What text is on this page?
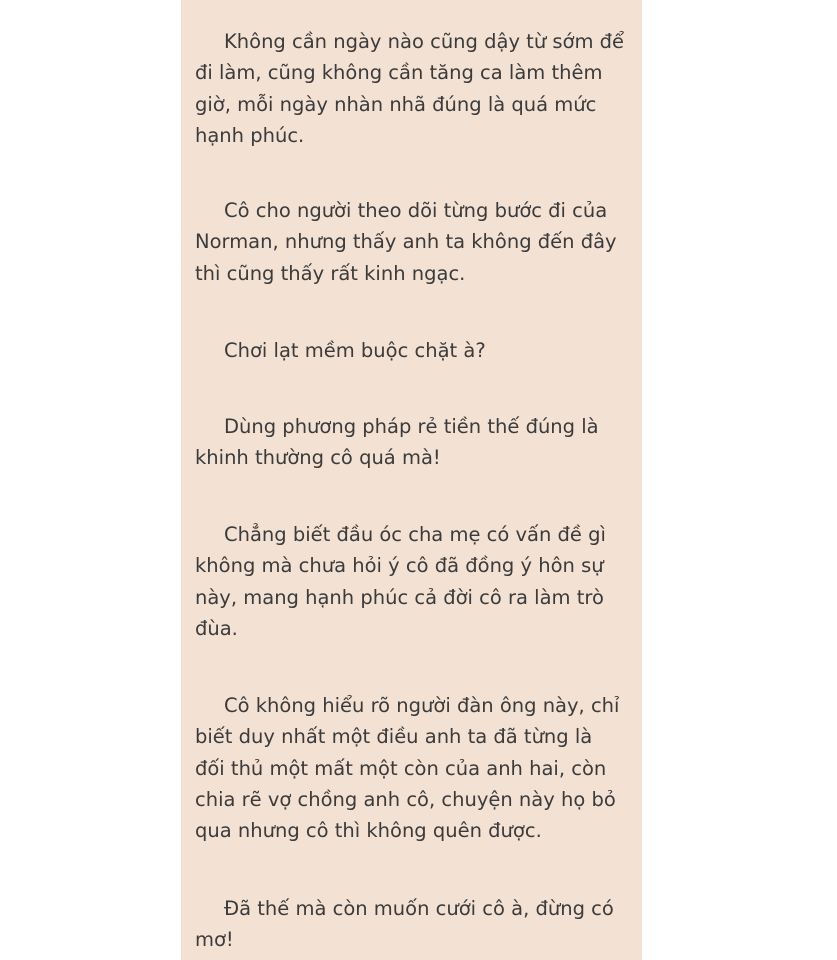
Không cần ngày nào cũng dậy từ sớm để đi làm, cũng không cần tăng ca làm thêm giờ, mỗi ngày nhàn nhã đúng là quá mức hạnh phúc.

Cô cho người theo dõi từng bước đi của Norman, nhưng thấy anh ta không đến đây thì cũng thấy rất kinh ngạc.

Chơi lạt mềm buộc chặt à?

Dùng phương pháp rẻ tiền thế đúng là khinh thường cô quá mà!

Chẳng biết đầu óc cha mẹ có vấn đề gì không mà chưa hỏi ý cô đã đồng ý hôn sự này, mang hạnh phúc cả đời cô ra làm trò đùa.

Cô không hiểu rõ người đàn ông này, chỉ biết duy nhất một điều anh ta đã từng là đối thủ một mất một còn của anh hai, còn chia rẽ vợ chồng anh cô, chuyện này họ bỏ qua nhưng cô thì không quên được.

Đã thế mà còn muốn cưới cô à, đừng có mơ!
